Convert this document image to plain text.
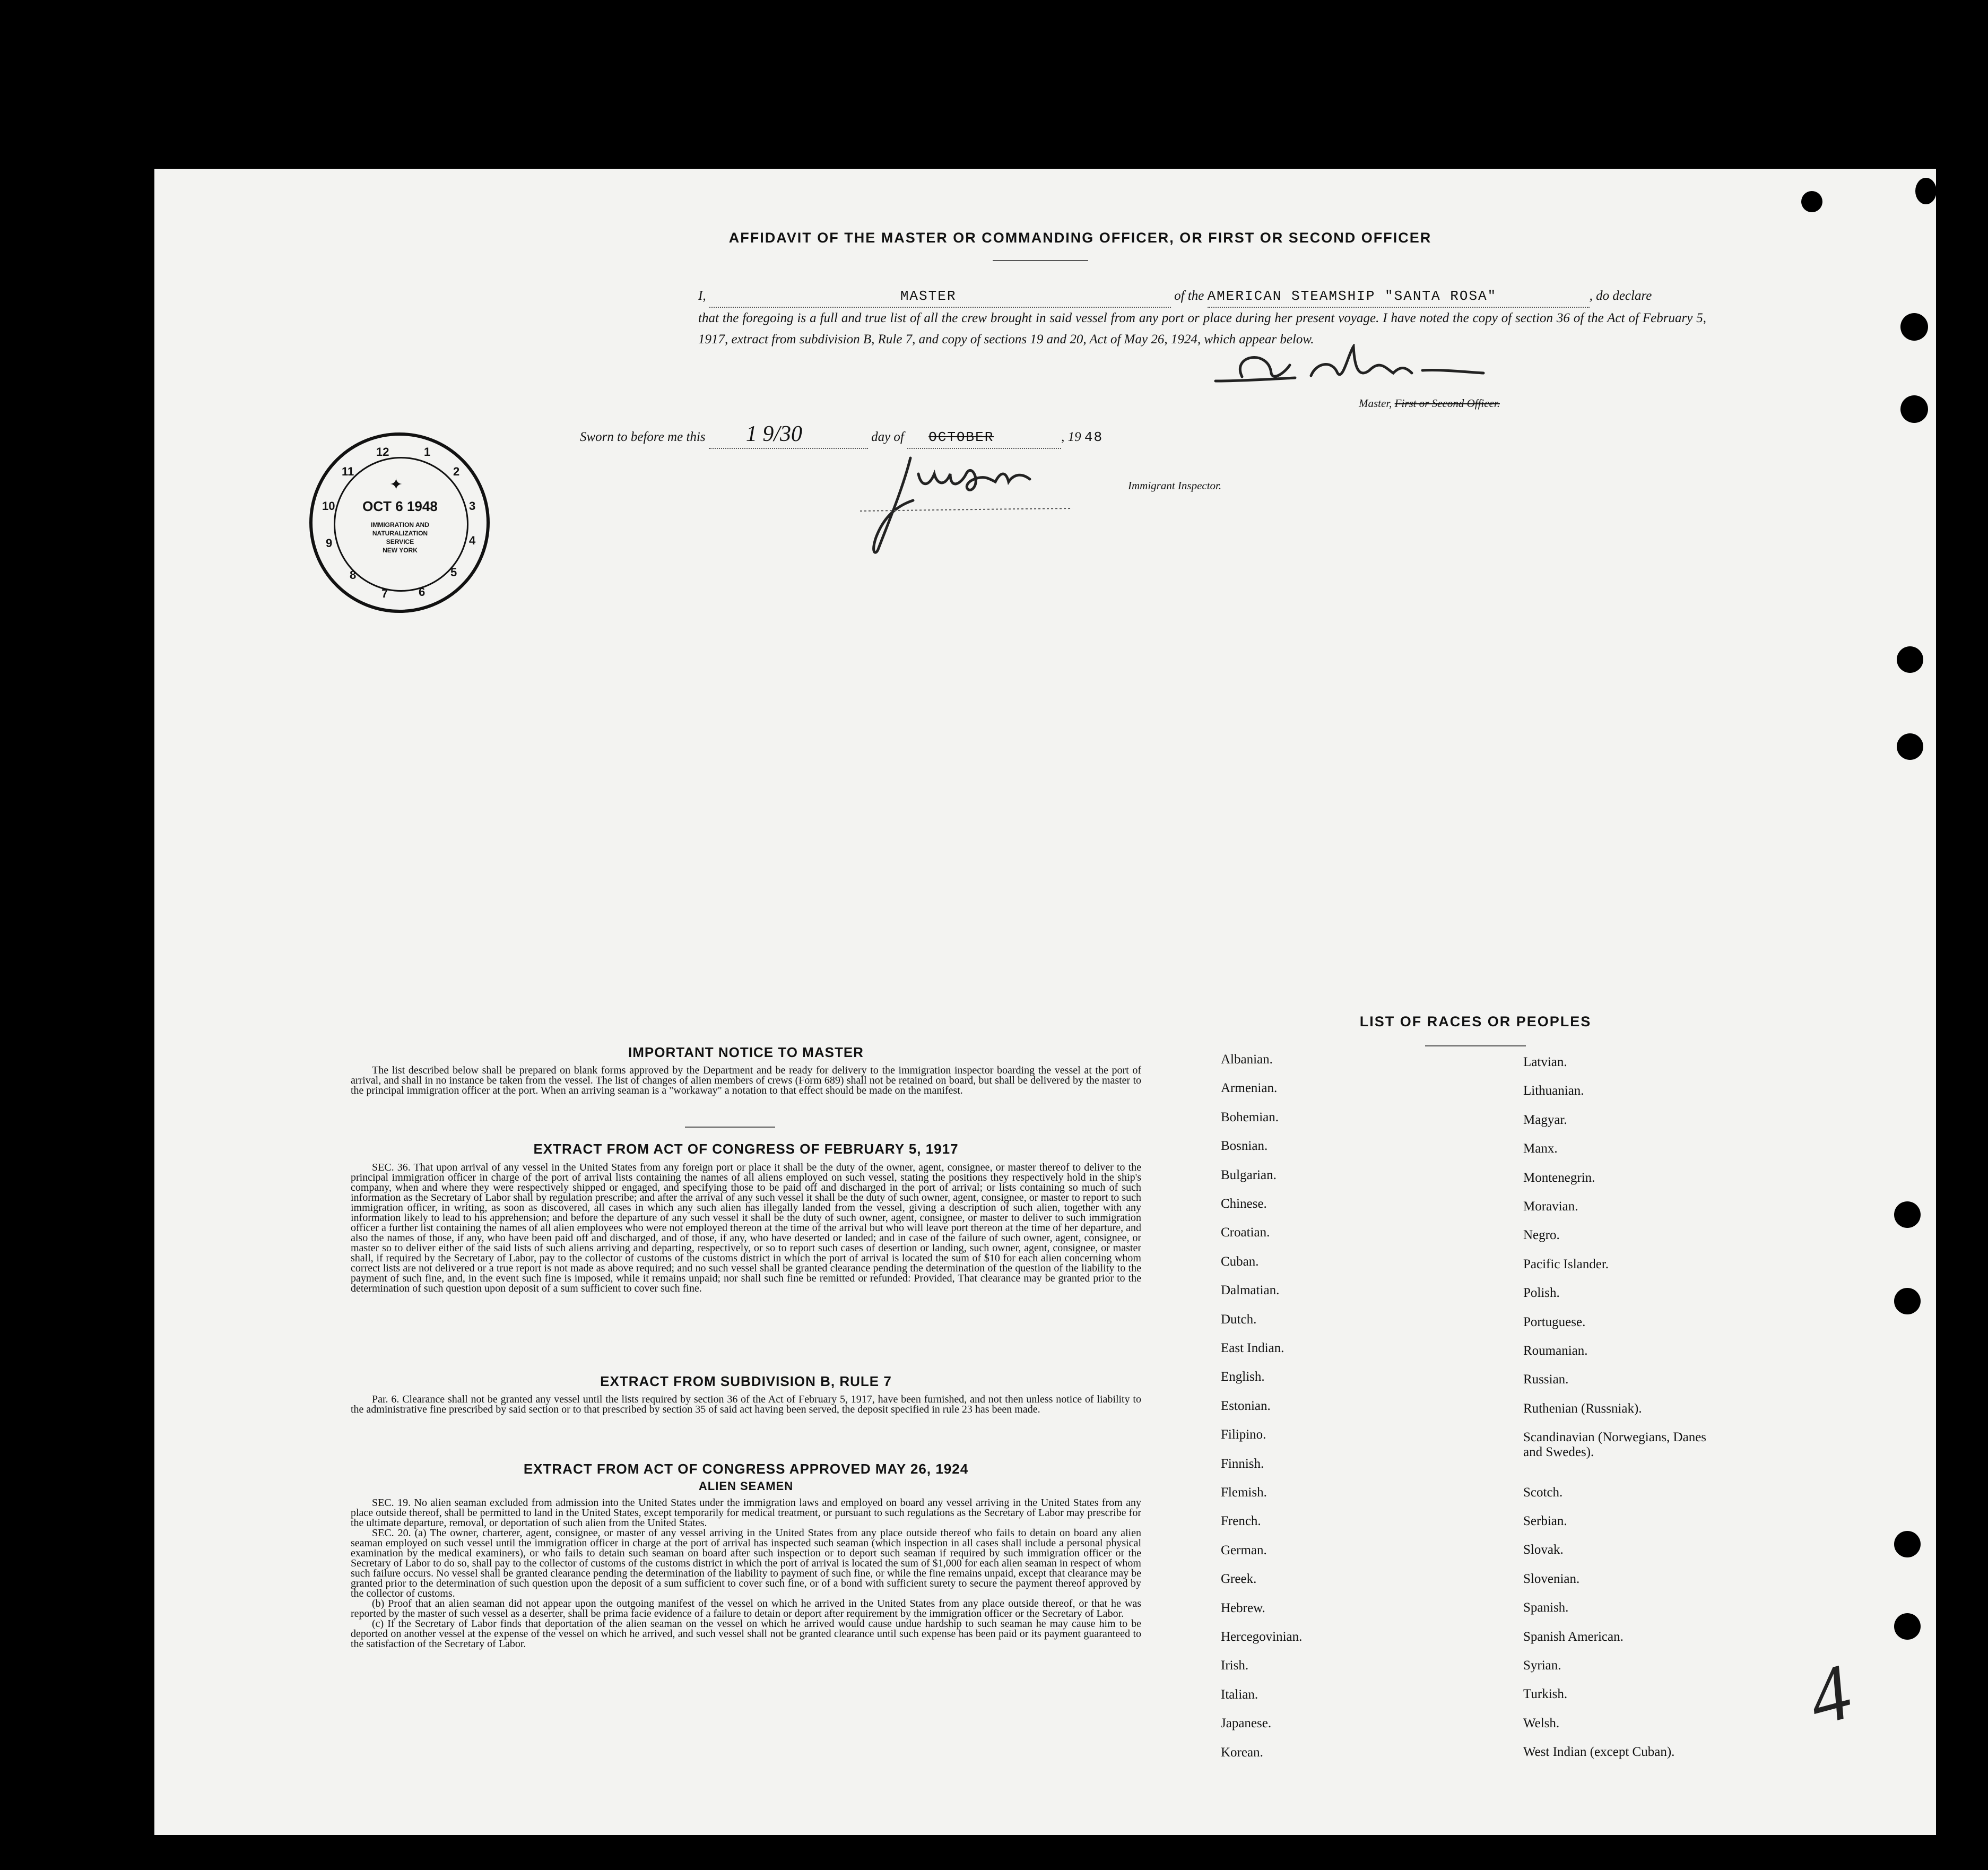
AFFIDAVIT OF THE MASTER OR COMMANDING OFFICER, OR FIRST OR SECOND OFFICER
I,	MASTER	of the AMERICAN STEAMSHIP "SANTA ROSA"	, do declare
that the foregoing is a full and true list of all the crew brought in said vessel from any port or place during her present voyage. I have noted the copy of section 36 of the Act of February 5, 1917, extract from subdivision B, Rule 7, and copy of sections 19 and 20, Act of May 26, 1924, which appear below.
Master, First or Second Officer.
Sworn to before me this 1 9/30	day of OCTOBER	, 19 48
Immigrant Inspector.
1
2
3
4
5
6
7
8
9
10
11
12
✦
OCT 6 1948
IMMIGRATION AND
NATURALIZATION
SERVICE
NEW YORK
IMPORTANT NOTICE TO MASTER

The list described below shall be prepared on blank forms approved by the Department and be ready for delivery to the immigration inspector boarding the vessel at the port of arrival, and shall in no instance be taken from the vessel. The list of changes of alien members of crews (Form 689) shall not be retained on board, but shall be delivered by the master to the principal immigration officer at the port. When an arriving seaman is a "workaway" a notation to that effect should be made on the manifest.

EXTRACT FROM ACT OF CONGRESS OF FEBRUARY 5, 1917

SEC. 36. That upon arrival of any vessel in the United States from any foreign port or place it shall be the duty of the owner, agent, consignee, or master thereof to deliver to the principal immigration officer in charge of the port of arrival lists containing the names of all aliens employed on such vessel, stating the positions they respectively hold in the ship's company, when and where they were respectively shipped or engaged, and specifying those to be paid off and discharged in the port of arrival; or lists containing so much of such information as the Secretary of Labor shall by regulation prescribe; and after the arrival of any such vessel it shall be the duty of such owner, agent, consignee, or master to report to such immigration officer, in writing, as soon as discovered, all cases in which any such alien has illegally landed from the vessel, giving a description of such alien, together with any information likely to lead to his apprehension; and before the departure of any such vessel it shall be the duty of such owner, agent, consignee, or master to deliver to such immigration officer a further list containing the names of all alien employees who were not employed thereon at the time of the arrival but who will leave port thereon at the time of her departure, and also the names of those, if any, who have been paid off and discharged, and of those, if any, who have deserted or landed; and in case of the failure of such owner, agent, consignee, or master so to deliver either of the said lists of such aliens arriving and departing, respectively, or so to report such cases of desertion or landing, such owner, agent, consignee, or master shall, if required by the Secretary of Labor, pay to the collector of customs of the customs district in which the port of arrival is located the sum of $10 for each alien concerning whom correct lists are not delivered or a true report is not made as above required; and no such vessel shall be granted clearance pending the determination of the question of the liability to the payment of such fine, and, in the event such fine is imposed, while it remains unpaid; nor shall such fine be remitted or refunded: Provided, That clearance may be granted prior to the determination of such question upon deposit of a sum sufficient to cover such fine.

EXTRACT FROM SUBDIVISION B, RULE 7

Par. 6. Clearance shall not be granted any vessel until the lists required by section 36 of the Act of February 5, 1917, have been furnished, and not then unless notice of liability to the administrative fine prescribed by said section or to that prescribed by section 35 of said act having been served, the deposit specified in rule 23 has been made.

EXTRACT FROM ACT OF CONGRESS APPROVED MAY 26, 1924
ALIEN SEAMEN

SEC. 19. No alien seaman excluded from admission into the United States under the immigration laws and employed on board any vessel arriving in the United States from any place outside thereof, shall be permitted to land in the United States, except temporarily for medical treatment, or pursuant to such regulations as the Secretary of Labor may prescribe for the ultimate departure, removal, or deportation of such alien from the United States.

SEC. 20. (a) The owner, charterer, agent, consignee, or master of any vessel arriving in the United States from any place outside thereof who fails to detain on board any alien seaman employed on such vessel until the immigration officer in charge at the port of arrival has inspected such seaman (which inspection in all cases shall include a personal physical examination by the medical examiners), or who fails to detain such seaman on board after such inspection or to deport such seaman if required by such immigration officer or the Secretary of Labor to do so, shall pay to the collector of customs of the customs district in which the port of arrival is located the sum of $1,000 for each alien seaman in respect of whom such failure occurs. No vessel shall be granted clearance pending the determination of the liability to payment of such fine, or while the fine remains unpaid, except that clearance may be granted prior to the determination of such question upon the deposit of a sum sufficient to cover such fine, or of a bond with sufficient surety to secure the payment thereof approved by the collector of customs.

(b) Proof that an alien seaman did not appear upon the outgoing manifest of the vessel on which he arrived in the United States from any place outside thereof, or that he was reported by the master of such vessel as a deserter, shall be prima facie evidence of a failure to detain or deport after requirement by the immigration officer or the Secretary of Labor.

(c) If the Secretary of Labor finds that deportation of the alien seaman on the vessel on which he arrived would cause undue hardship to such seaman he may cause him to be deported on another vessel at the expense of the vessel on which he arrived, and such vessel shall not be granted clearance until such expense has been paid or its payment guaranteed to the satisfaction of the Secretary of Labor.

LIST OF RACES OR PEOPLES
Albanian.
Armenian.
Bohemian.
Bosnian.
Bulgarian.
Chinese.
Croatian.
Cuban.
Dalmatian.
Dutch.
East Indian.
English.
Estonian.
Filipino.
Finnish.
Flemish.
French.
German.
Greek.
Hebrew.
Hercegovinian.
Irish.
Italian.
Japanese.
Korean.
Latvian.
Lithuanian.
Magyar.
Manx.
Montenegrin.
Moravian.
Negro.
Pacific Islander.
Polish.
Portuguese.
Roumanian.
Russian.
Ruthenian (Russniak).
Scandinavian (Norwegians, Danes and Swedes).
Scotch.
Serbian.
Slovak.
Slovenian.
Spanish.
Spanish American.
Syrian.
Turkish.
Welsh.
West Indian (except Cuban).
4
